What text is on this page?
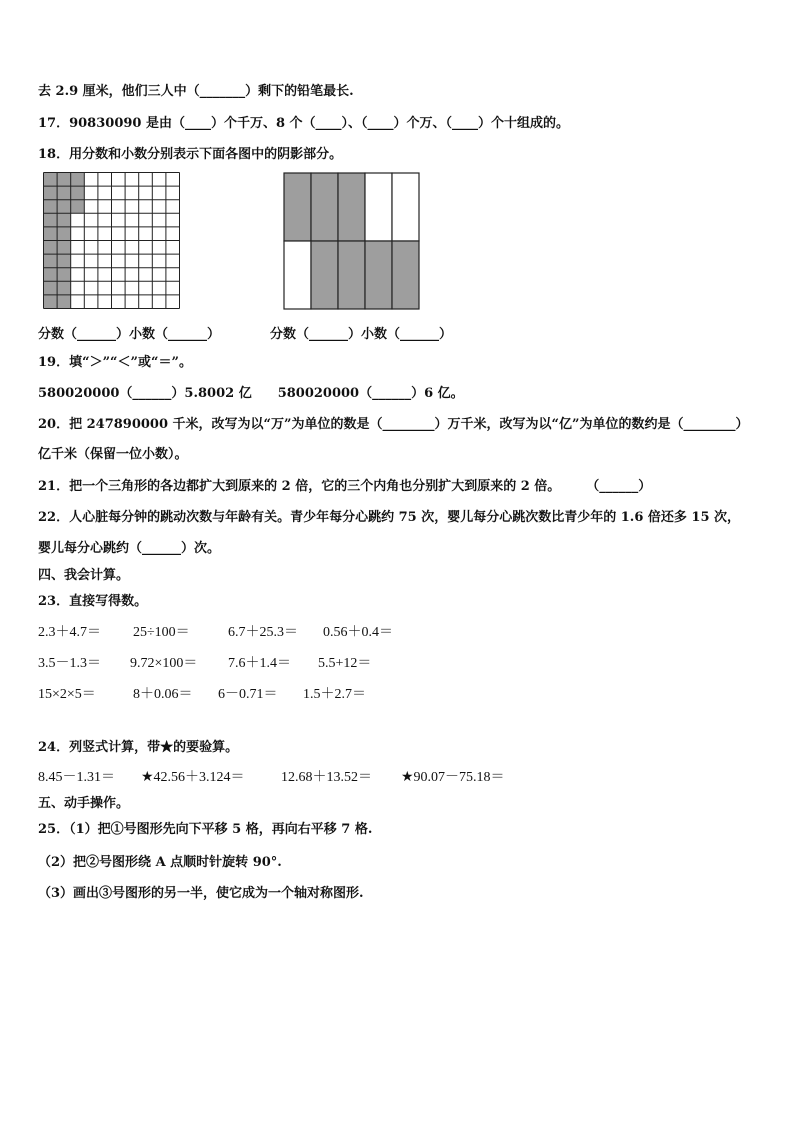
去 2.9 厘米，他们三人中（_______）剩下的铅笔最长.
17．90830090 是由（____）个千万、8 个（____）、（____）个万、（____）个十组成的。
18．用分数和小数分别表示下面各图中的阴影部分。
分数（______）小数（______）	分数（______）小数（______）
19．填“＞”“＜”或“＝”。
580020000（______）5.8002 亿　　580020000（______）6 亿。
20．把 247890000 千米，改写为以“万”为单位的数是（________）万千米，改写为以“亿”为单位的数约是（________）
亿千米（保留一位小数）。
21．把一个三角形的各边都扩大到原来的 2 倍，它的三个内角也分别扩大到原来的 2 倍。　　　（______）
22．人心脏每分钟的跳动次数与年龄有关。青少年每分心跳约 75 次，婴儿每分心跳次数比青少年的 1.6 倍还多 15 次，
婴儿每分心跳约（______）次。
四、我会计算。
23．直接写得数。
2.3＋4.7＝	25÷100＝	6.7＋25.3＝	0.56＋0.4＝
3.5－1.3＝	9.72×100＝	7.6＋1.4＝	5.5+12＝
15×2×5＝	8＋0.06＝	6－0.71＝	1.5＋2.7＝
24．列竖式计算，带★的要验算。
8.45－1.31＝	★42.56＋3.124＝	12.68＋13.52＝	★90.07－75.18＝
五、动手操作。
25．（1）把①号图形先向下平移 5 格，再向右平移 7 格.
（2）把②号图形绕 A 点顺时针旋转 90°.
（3）画出③号图形的另一半，使它成为一个轴对称图形.
